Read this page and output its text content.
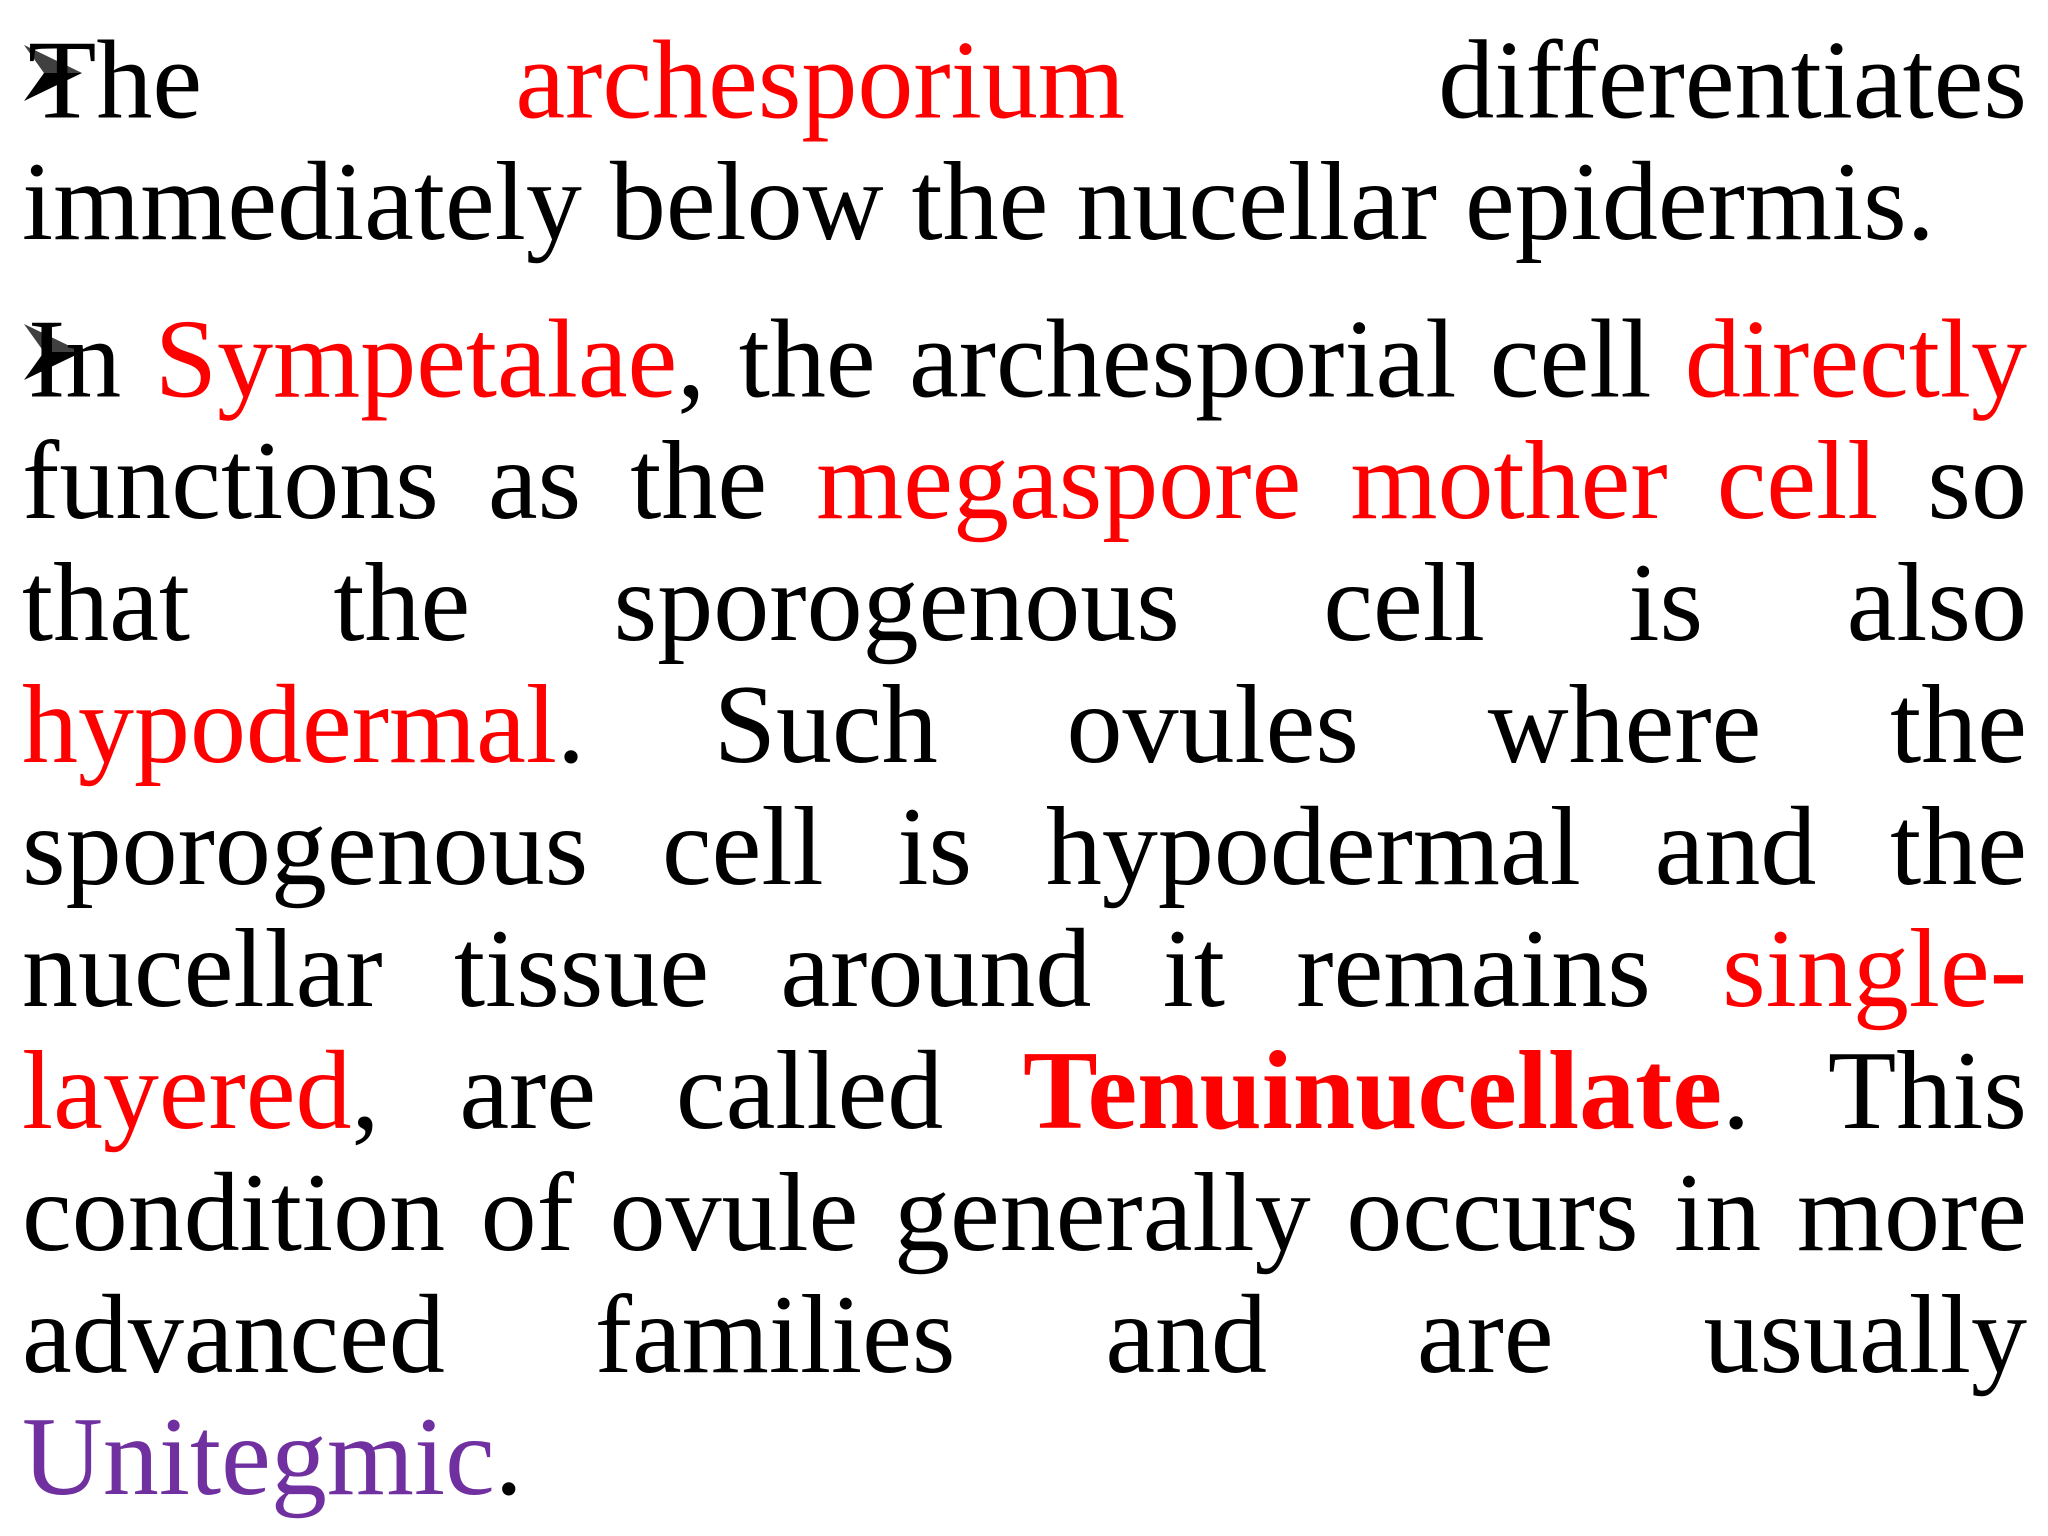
The archesporium differentiates immediately below the nucellar epidermis.

In Sympetalae, the archesporial cell directly functions as the megaspore mother cell so that the sporogenous cell is also hypodermal. Such ovules where the sporogenous cell is hypodermal and the nucellar tissue around it remains single-layered, are called Tenuinucellate. This condition of ovule generally occurs in more advanced families and are usually Unitegmic.
